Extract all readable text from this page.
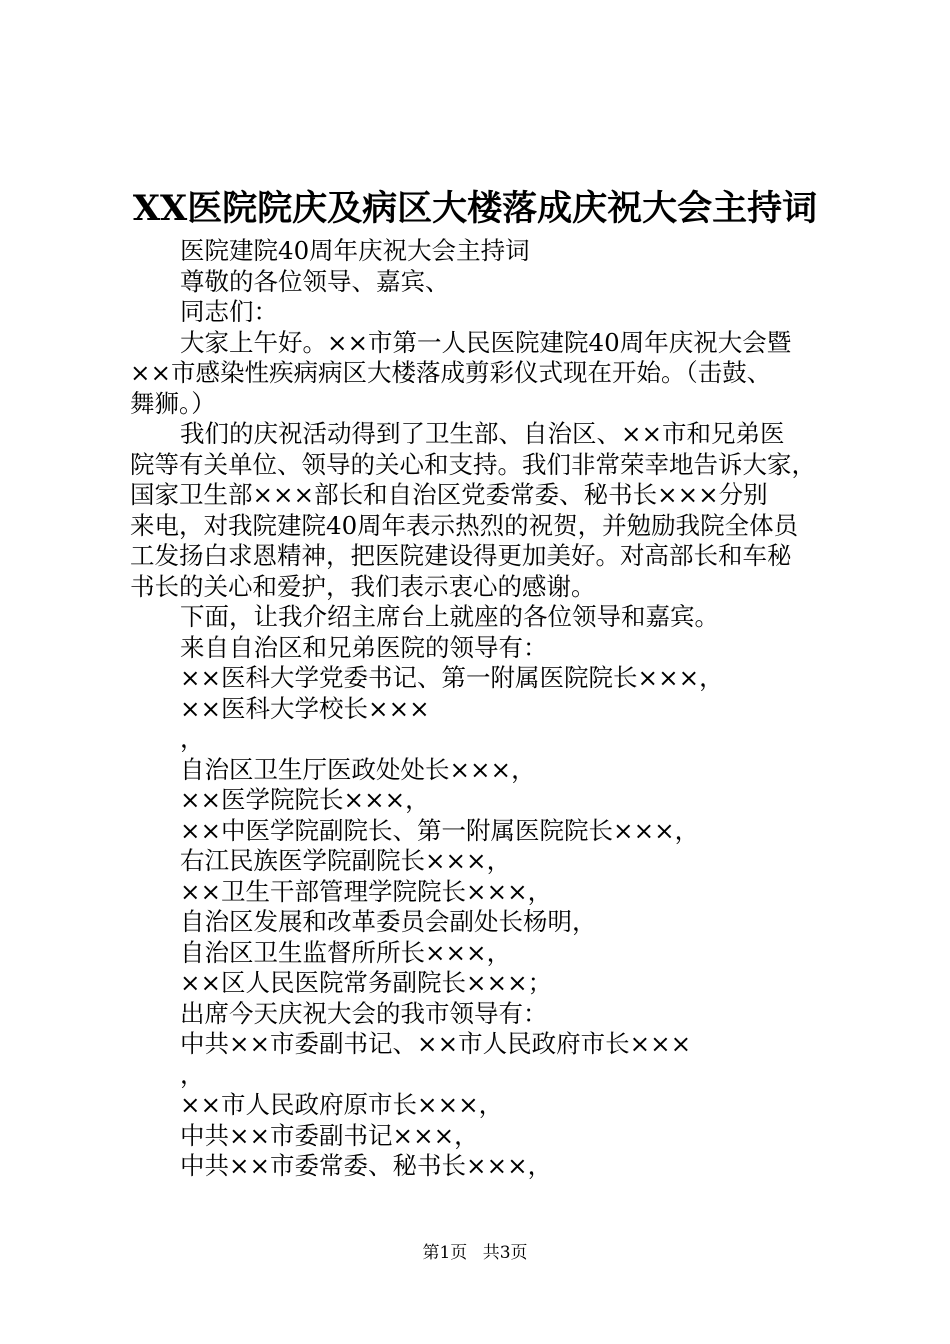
XX医院院庆及病区大楼落成庆祝大会主持词
医院建院40周年庆祝大会主持词
尊敬的各位领导、嘉宾、
同志们：
大家上午好。××市第一人民医院建院40周年庆祝大会暨
××市感染性疾病病区大楼落成剪彩仪式现在开始。（击鼓、
舞狮。）
我们的庆祝活动得到了卫生部、自治区、××市和兄弟医
院等有关单位、领导的关心和支持。我们非常荣幸地告诉大家，
国家卫生部×××部长和自治区党委常委、秘书长×××分别
来电，对我院建院40周年表示热烈的祝贺，并勉励我院全体员
工发扬白求恩精神，把医院建设得更加美好。对高部长和车秘
书长的关心和爱护，我们表示衷心的感谢。
下面，让我介绍主席台上就座的各位领导和嘉宾。
来自自治区和兄弟医院的领导有：
××医科大学党委书记、第一附属医院院长×××，
××医科大学校长×××
，
自治区卫生厅医政处处长×××，
××医学院院长×××，
××中医学院副院长、第一附属医院院长×××，
右江民族医学院副院长×××，
××卫生干部管理学院院长×××，
自治区发展和改革委员会副处长杨明，
自治区卫生监督所所长×××，
××区人民医院常务副院长×××；
出席今天庆祝大会的我市领导有：
中共××市委副书记、××市人民政府市长×××
，
××市人民政府原市长×××，
中共××市委副书记×××，
中共××市委常委、秘书长×××，
第1页 共3页
